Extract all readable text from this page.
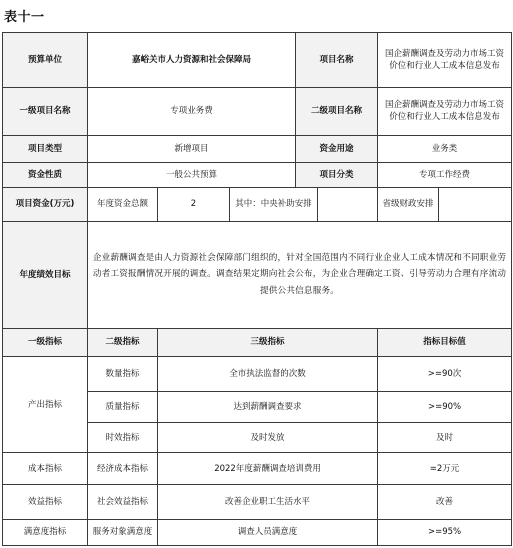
表十一
预算单位	嘉峪关市人力资源和社会保障局			项目名称		国企薪酬调查及劳动力市场工资价位和行业人工成本信息发布	
一级项目名称	专项业务费			二级项目名称		国企薪酬调查及劳动力市场工资价位和行业人工成本信息发布	
项目类型	新增项目			资金用途		业务类	
资金性质	一般公共预算			项目分类		专项工作经费	
项目资金(万元)	年度资金总额	2	其中：中央补助安排			省级财政安排	
年度绩效目标	企业薪酬调查是由人力资源社会保障部门组织的，针对全国范围内不同行业企业人工成本情况和不同职业劳动者工资报酬情况开展的调查。调查结果定期向社会公布，为企业合理确定工资、引导劳动力合理有序流动提供公共信息服务。						
一级指标	二级指标	三级指标				指标目标值	
产出指标	数量指标	全市执法监督的次数				>=90次	
	质量指标	达到薪酬调查要求				>=90%	
	时效指标	及时发放				及时	
成本指标	经济成本指标	2022年度薪酬调查培训费用				=2万元	
效益指标	社会效益指标	改善企业职工生活水平				改善	
满意度指标	服务对象满意度	调查人员满意度				>=95%	
